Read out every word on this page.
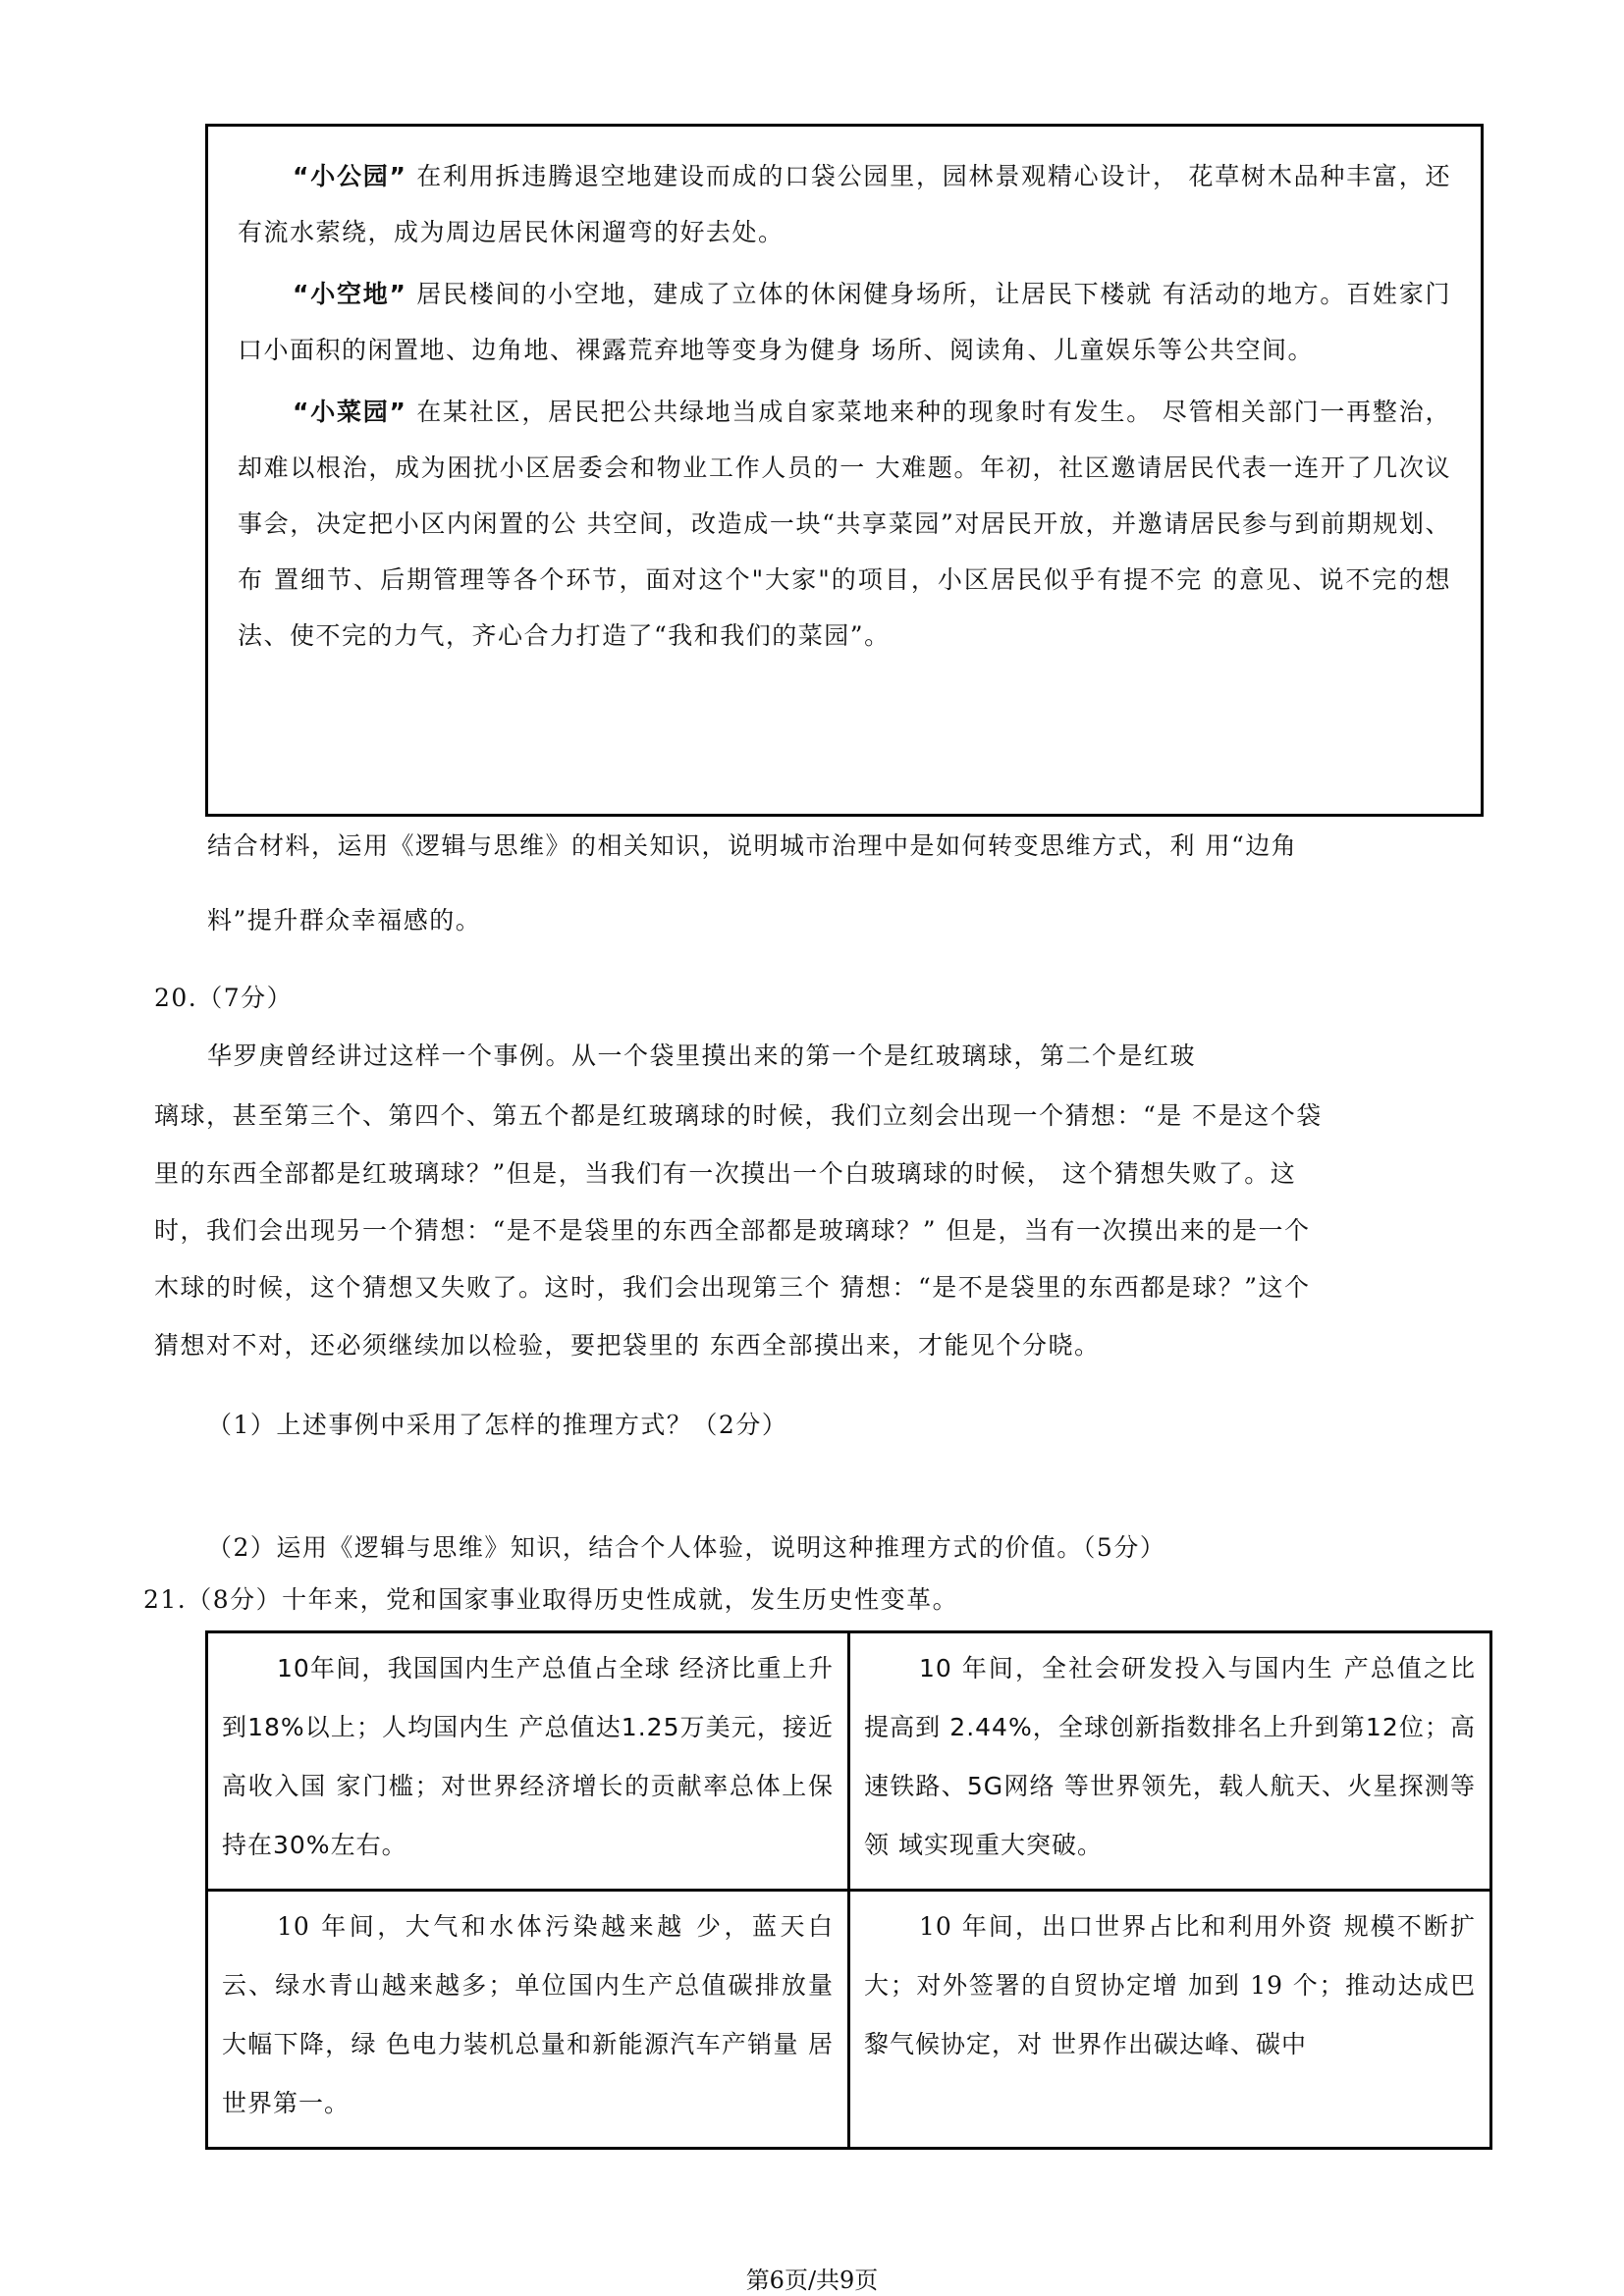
“小公园” 在利用拆违腾退空地建设而成的口袋公园里，园林景观精心设计， 花草树木品种丰富，还有流水萦绕，成为周边居民休闲遛弯的好去处。

“小空地” 居民楼间的小空地，建成了立体的休闲健身场所，让居民下楼就 有活动的地方。百姓家门口小面积的闲置地、边角地、裸露荒弃地等变身为健身 场所、阅读角、儿童娱乐等公共空间。

“小菜园” 在某社区，居民把公共绿地当成自家菜地来种的现象时有发生。 尽管相关部门一再整治，却难以根治，成为困扰小区居委会和物业工作人员的一 大难题。年初，社区邀请居民代表一连开了几次议事会，决定把小区内闲置的公 共空间，改造成一块“共享菜园”对居民开放，并邀请居民参与到前期规划、布 置细节、后期管理等各个环节，面对这个"大家"的项目，小区居民似乎有提不完 的意见、说不完的想法、使不完的力气，齐心合力打造了“我和我们的菜园”。

结合材料，运用《逻辑与思维》的相关知识，说明城市治理中是如何转变思维方式，利 用“边角
料”提升群众幸福感的。
20.（7分）
华罗庚曾经讲过这样一个事例。从一个袋里摸出来的第一个是红玻璃球，第二个是红玻
璃球，甚至第三个、第四个、第五个都是红玻璃球的时候，我们立刻会出现一个猜想：“是 不是这个袋
里的东西全部都是红玻璃球？”但是，当我们有一次摸出一个白玻璃球的时候， 这个猜想失败了。这
时，我们会出现另一个猜想：“是不是袋里的东西全部都是玻璃球？” 但是，当有一次摸出来的是一个
木球的时候，这个猜想又失败了。这时，我们会出现第三个 猜想：“是不是袋里的东西都是球？”这个
猜想对不对，还必须继续加以检验，要把袋里的 东西全部摸出来，才能见个分晓。
（1）上述事例中采用了怎样的推理方式？（2分）
（2）运用《逻辑与思维》知识，结合个人体验，说明这种推理方式的价值。（5分）
21.（8分）十年来，党和国家事业取得历史性成就，发生历史性变革。
10年间，我国国内生产总值占全球 经济比重上升到18%以上；人均国内生 产总值达1.25万美元，接近高收入国 家门槛；对世界经济增长的贡献率总体上保持在30%左右。	10 年间，全社会研发投入与国内生 产总值之比提高到 2.44%，全球创新指数排名上升到第12位；高速铁路、5G网络 等世界领先，载人航天、火星探测等领 域实现重大突破。
10 年间，大气和水体污染越来越 少，蓝天白云、绿水青山越来越多；单位国内生产总值碳排放量大幅下降，绿 色电力装机总量和新能源汽车产销量 居世界第一。	10 年间，出口世界占比和利用外资 规模不断扩大；对外签署的自贸协定增 加到 19 个；推动达成巴黎气候协定，对 世界作出碳达峰、碳中
第6页/共9页
